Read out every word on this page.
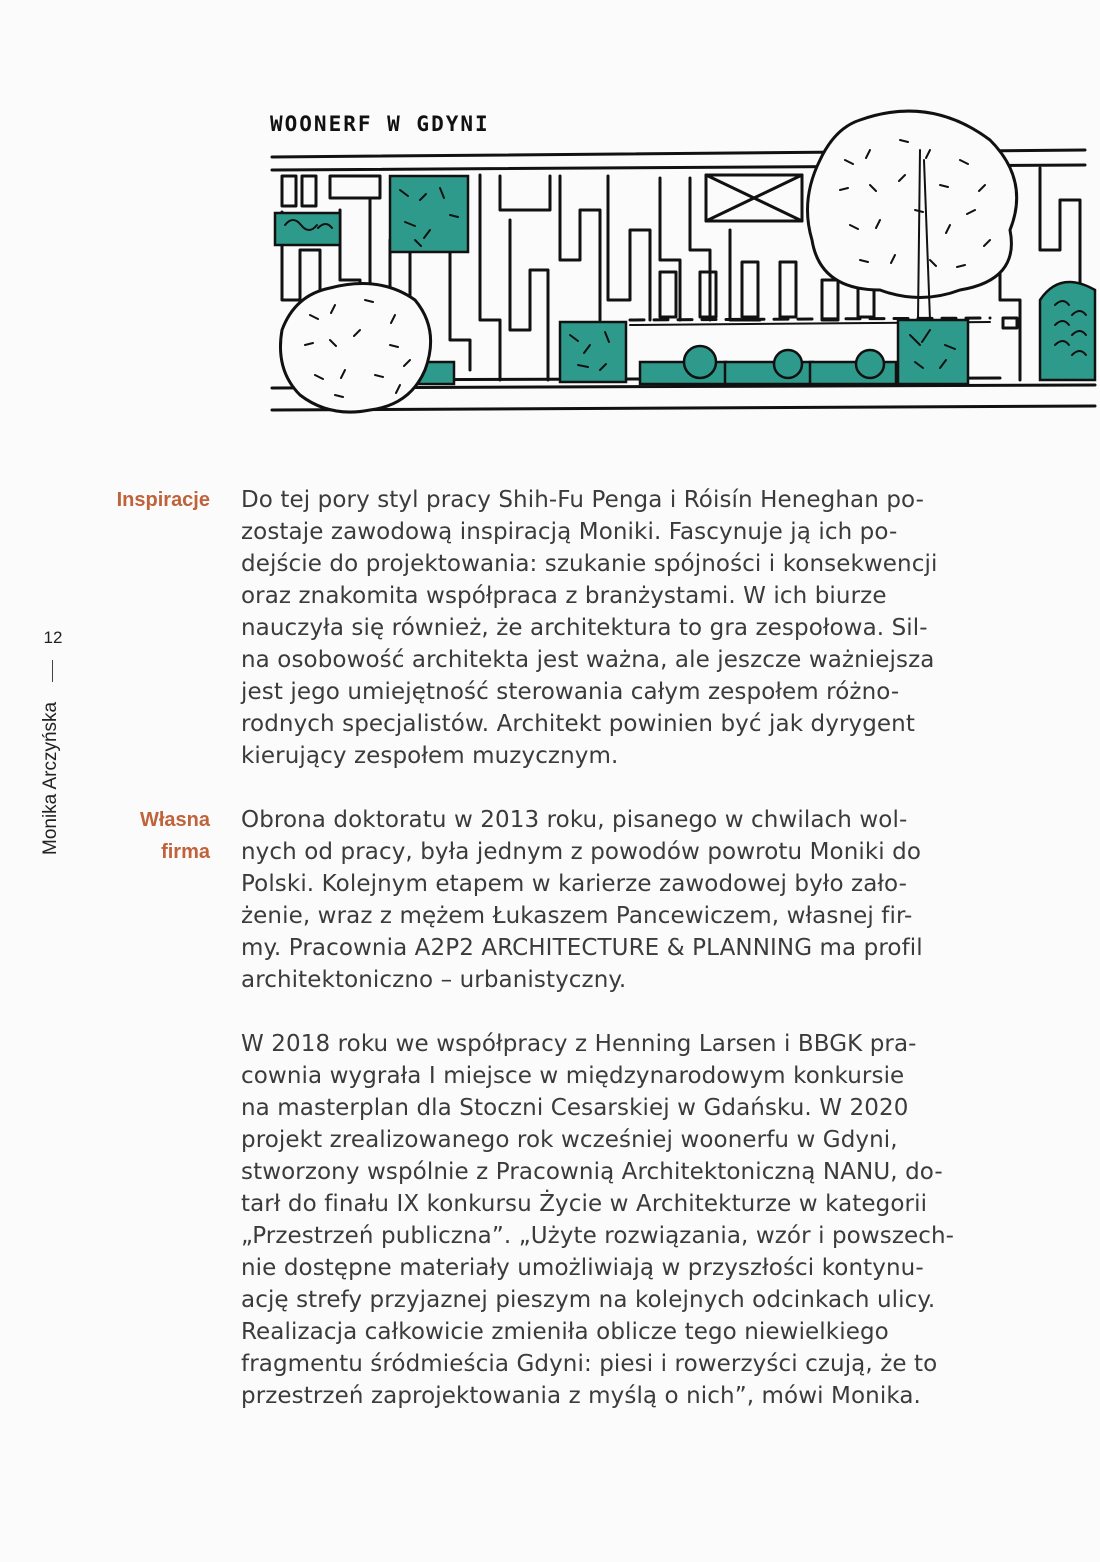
WOONERF W GDYNI
12
Monika Arczyńska
Inspiracje Do tej pory styl pracy Shih-Fu Penga i Róisín Heneghan po-
zostaje zawodową inspiracją Moniki. Fascynuje ją ich po-
dejście do projektowania: szukanie spójności i konsekwencji
oraz znakomita współpraca z branżystami. W ich biurze
nauczyła się również, że architektura to gra zespołowa. Sil-
na osobowość architekta jest ważna, ale jeszcze ważniejsza
jest jego umiejętność sterowania całym zespołem różno-
rodnych specjalistów. Architekt powinien być jak dyrygent
kierujący zespołem muzycznym.
Własna
firma
Obrona doktoratu w 2013 roku, pisanego w chwilach wol-
nych od pracy, była jednym z powodów powrotu Moniki do
Polski. Kolejnym etapem w karierze zawodowej było zało-
żenie, wraz z mężem Łukaszem Pancewiczem, własnej fir-
my. Pracownia A2P2 ARCHITECTURE & PLANNING ma profil
architektoniczno – urbanistyczny.
W 2018 roku we współpracy z Henning Larsen i BBGK pra-
cownia wygrała I miejsce w międzynarodowym konkursie
na masterplan dla Stoczni Cesarskiej w Gdańsku. W 2020
projekt zrealizowanego rok wcześniej woonerfu w Gdyni,
stworzony wspólnie z Pracownią Architektoniczną NANU, do-
tarł do finału IX konkursu Życie w Architekturze w kategorii
„Przestrzeń publiczna”. „Użyte rozwiązania, wzór i powszech-
nie dostępne materiały umożliwiają w przyszłości kontynu-
ację strefy przyjaznej pieszym na kolejnych odcinkach ulicy.
Realizacja całkowicie zmieniła oblicze tego niewielkiego
fragmentu śródmieścia Gdyni: piesi i rowerzyści czują, że to
przestrzeń zaprojektowania z myślą o nich”, mówi Monika.
